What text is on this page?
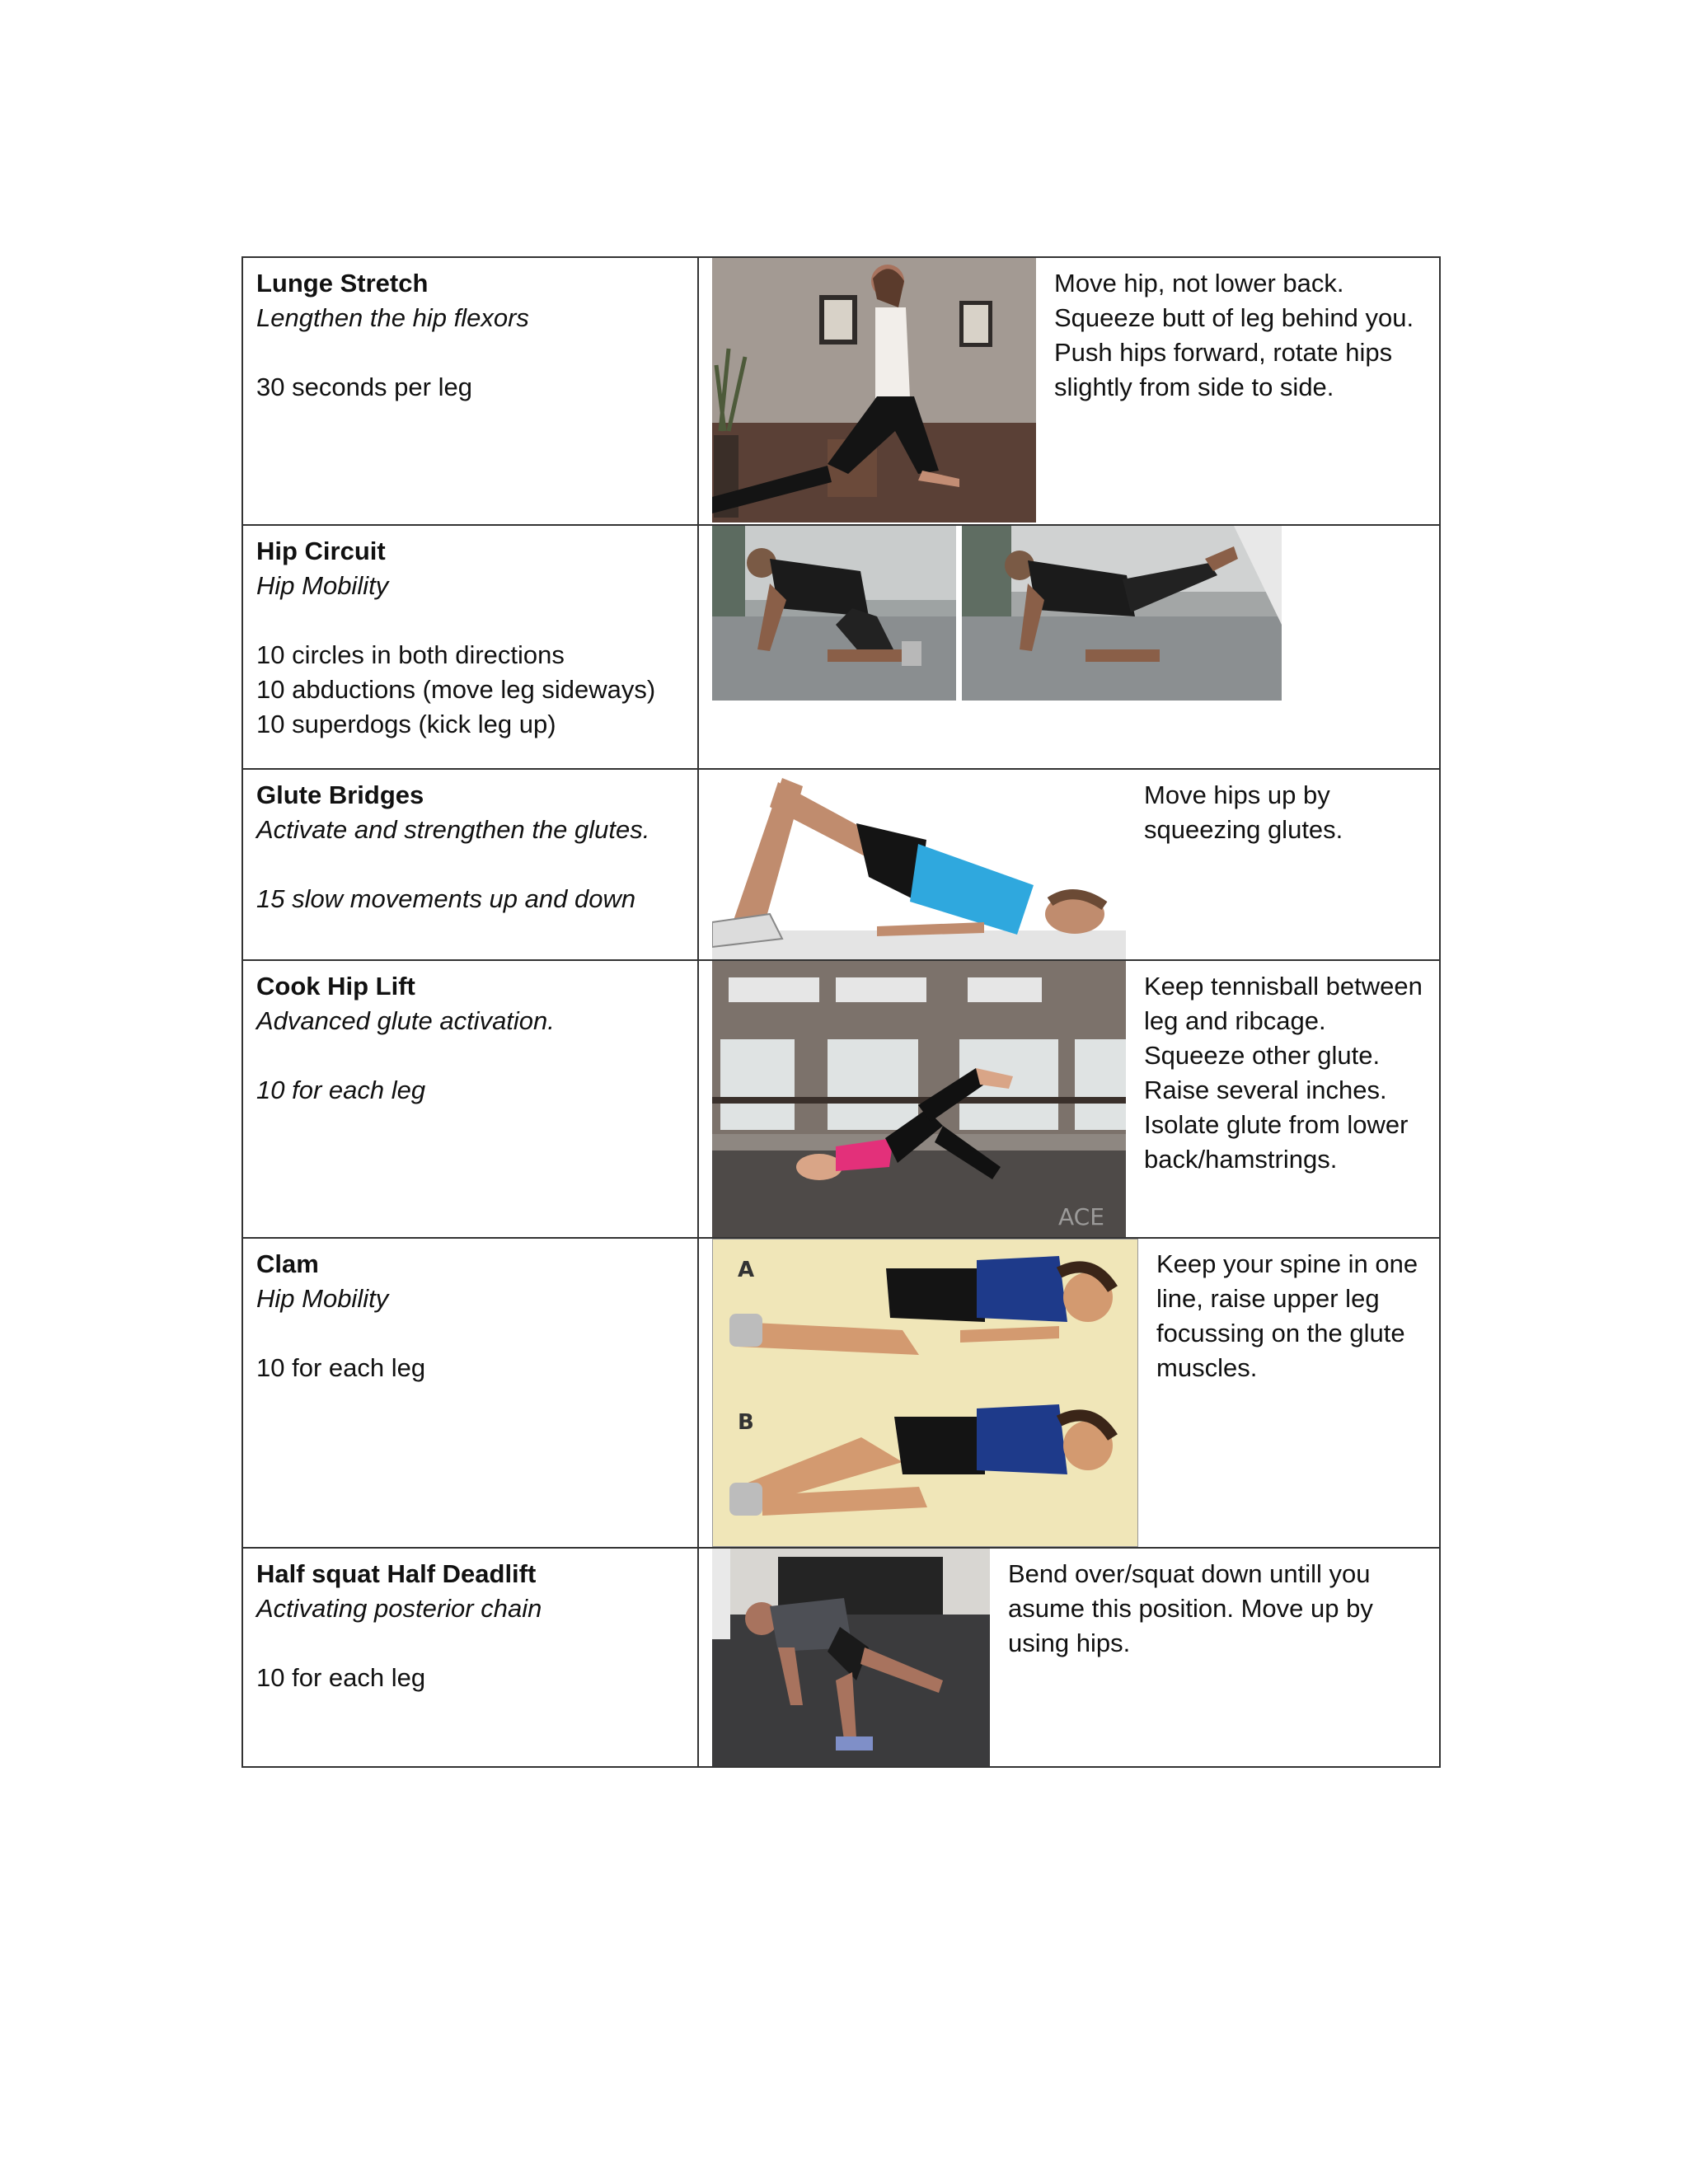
Lunge Stretch
Lengthen the hip flexors
30 seconds per leg
Move hip, not lower back. Squeeze butt of leg behind you. Push hips forward, rotate hips slightly from side to side.
Hip Circuit
Hip Mobility
10 circles in both directions
10 abductions (move leg sideways)
10 superdogs (kick leg up)
Glute Bridges
Activate and strengthen the glutes.
15 slow movements up and down
Move hips up by squeezing glutes.
Cook Hip Lift
Advanced glute activation.
10 for each leg
ACE
Keep tennisball between leg and ribcage. Squeeze other glute. Raise several inches. Isolate glute from lower back/hamstrings.
Clam
Hip Mobility
10 for each leg
A
B
Keep your spine in one line, raise upper leg focussing on the glute muscles.
Half squat Half Deadlift
Activating posterior chain
10 for each leg
Bend over/squat down untill you asume this position. Move up by using hips.
